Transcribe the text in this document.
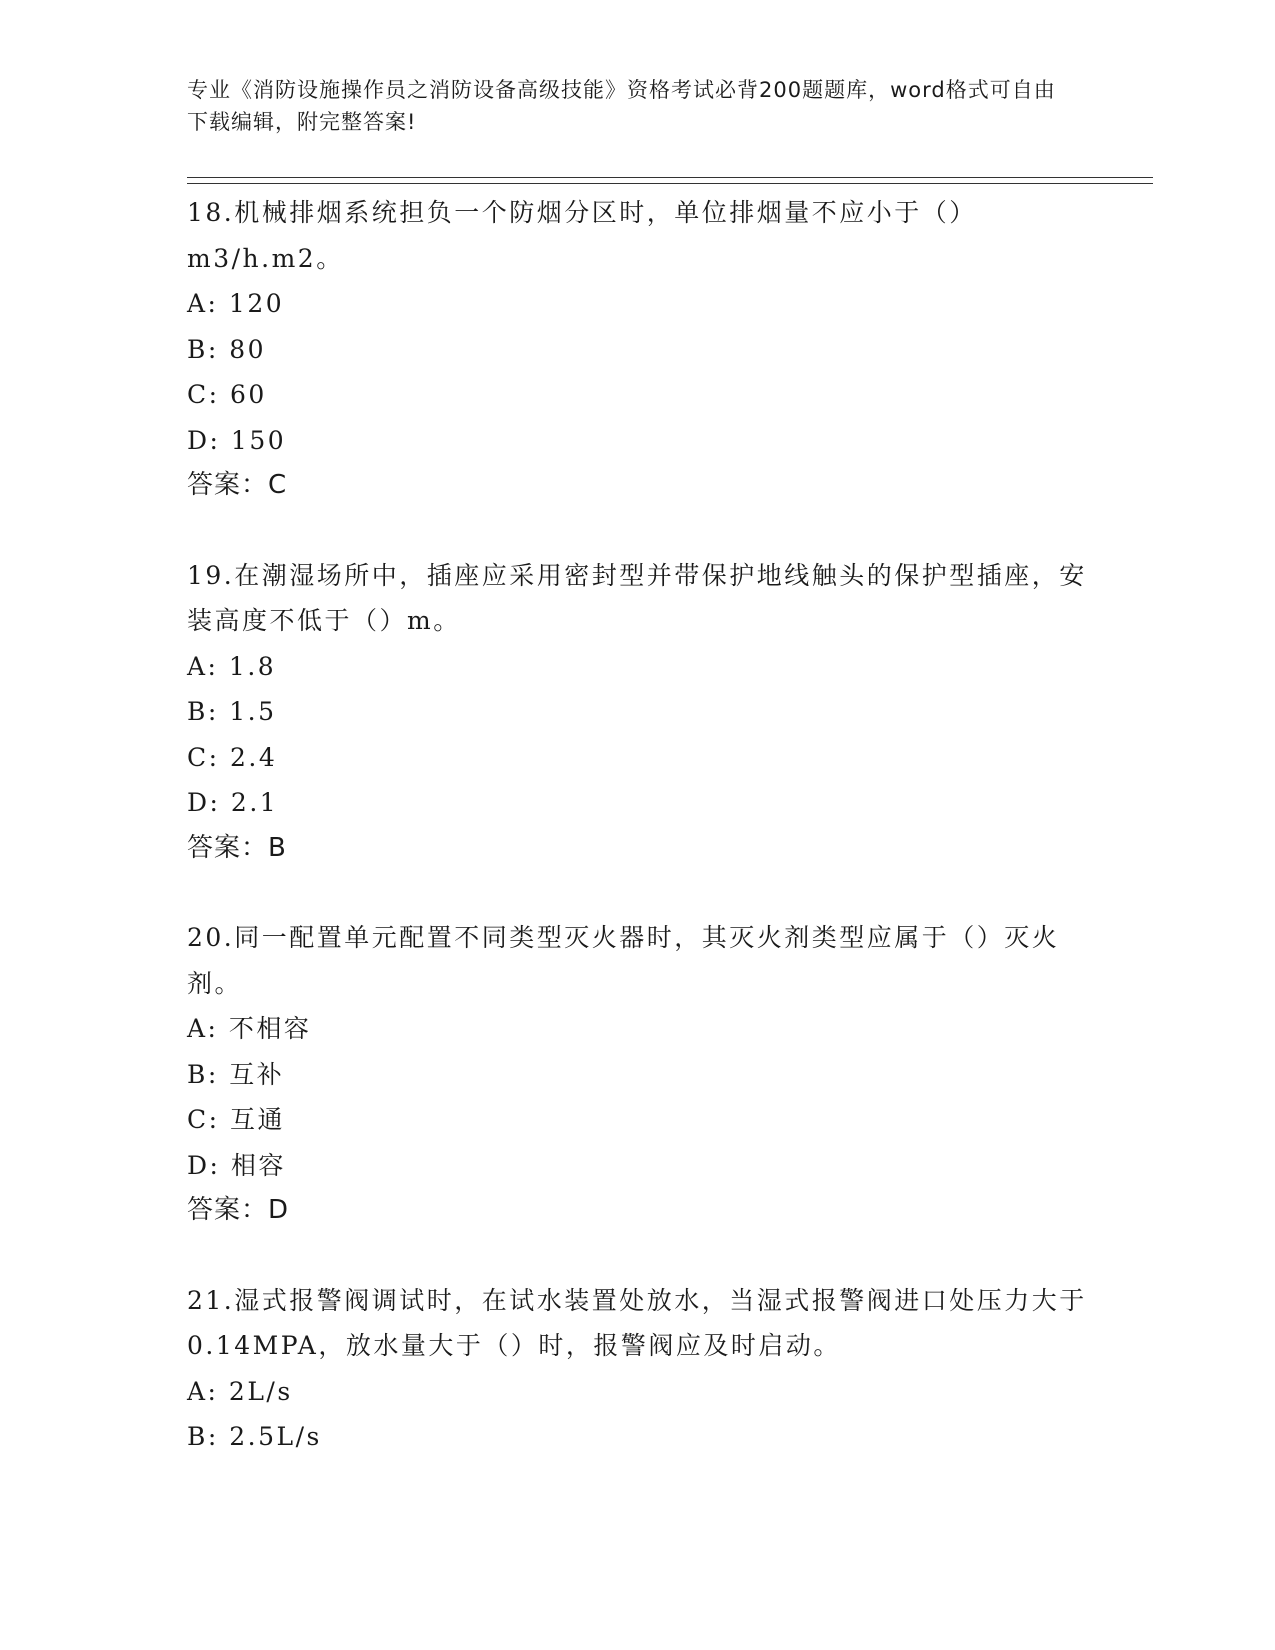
专业《消防设施操作员之消防设备高级技能》资格考试必背200题题库，word格式可自由下载编辑，附完整答案!

18.机械排烟系统担负一个防烟分区时，单位排烟量不应小于（）m3/h.m2。

A: 120

B: 80

C: 60

D: 150

答案：C

19.在潮湿场所中，插座应采用密封型并带保护地线触头的保护型插座，安装高度不低于（）m。

A: 1.8

B: 1.5

C: 2.4

D: 2.1

答案：B

20.同一配置单元配置不同类型灭火器时，其灭火剂类型应属于（）灭火剂。

A: 不相容

B: 互补

C: 互通

D: 相容

答案：D

21.湿式报警阀调试时，在试水装置处放水，当湿式报警阀进口处压力大于0.14MPA，放水量大于（）时，报警阀应及时启动。

A: 2L/s

B: 2.5L/s
